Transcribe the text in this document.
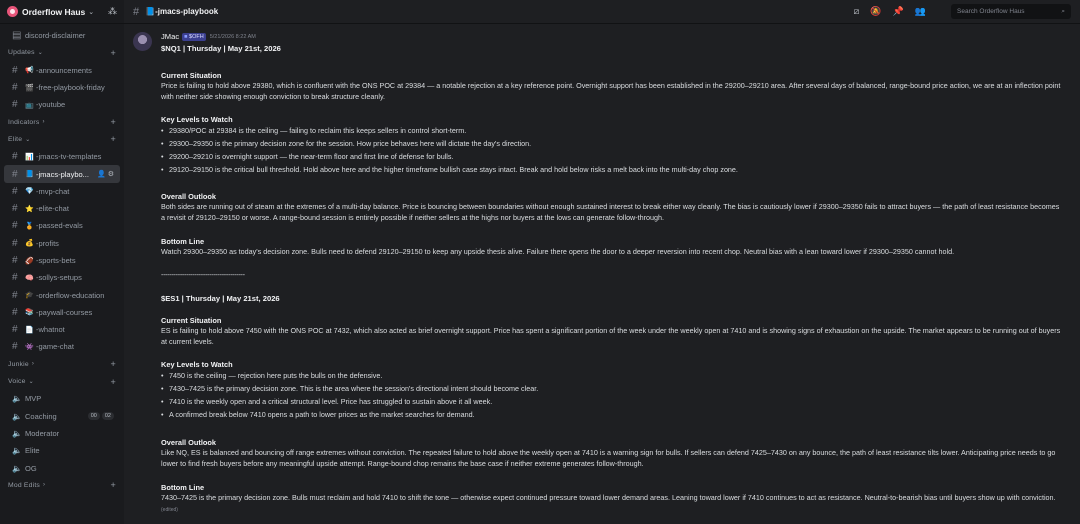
Orderflow Haus ⌄ ⁂
▤ discord-disclaimer
Updates ⌄	+
#	📢 -announcements
#	🎬 -free-playbook-friday
#	📺 -youtube
Indicators ›	+
Elite ⌄	+
#	📊 -jmacs-tv-templates
#	📘 -jmacs-playbo... 👤 ⚙
#	💎 -mvp-chat
#	⭐ -elite-chat
#	🏅 -passed-evals
#	💰 -profits
#	🏈 -sports-bets
#	🧠 -sollys-setups
#	🎓 -orderflow-education
#	📚 -paywall-courses
#	📄 -whatnot
#	👾 -game-chat
Junkie ›	+
Voice ⌄	+
🔈 MVP
🔈 Coaching	00	02
🔈 Moderator
🔈 Elite
🔈 OG
Mod Edits ›	+
# 📘-jmacs-playbook	⧄ 🔕 📌 👥	Search Orderflow Haus	⌕
JMac
■	$OFH	5/21/2026 8:22 AM
$NQ1 | Thursday | May 21st, 2026
Current Situation
Price is failing to hold above 29380, which is confluent with the ONS POC at 29384 — a notable rejection at a key reference point. Overnight support has been established in the 29200–29210 area. After several days of balanced, range-bound price action, we are at an inflection point with neither side showing enough conviction to break structure cleanly.
Key Levels to Watch
• 29380/POC at 29384 is the ceiling — failing to reclaim this keeps sellers in control short-term.
• 29300–29350 is the primary decision zone for the session. How price behaves here will dictate the day's direction.
• 29200–29210 is overnight support — the near-term floor and first line of defense for bulls.
• 29120–29150 is the critical bull threshold. Hold above here and the higher timeframe bullish case stays intact. Break and hold below risks a melt back into the multi-day chop zone.
Overall Outlook
Both sides are running out of steam at the extremes of a multi-day balance. Price is bouncing between boundaries without enough sustained interest to break either way cleanly. The bias is cautiously lower if 29300–29350 fails to attract buyers — the path of least resistance becomes a revisit of 29120–29150 or worse. A range-bound session is entirely possible if neither sellers at the highs nor buyers at the lows can generate follow-through.
Bottom Line
Watch 29300–29350 as today's decision zone. Bulls need to defend 29120–29150 to keep any upside thesis alive. Failure there opens the door to a deeper reversion into recent chop. Neutral bias with a lean toward lower if 29300–29350 cannot hold.
----------------------------------------
$ES1 | Thursday | May 21st, 2026
Current Situation
ES is failing to hold above 7450 with the ONS POC at 7432, which also acted as brief overnight support. Price has spent a significant portion of the week under the weekly open at 7410 and is showing signs of exhaustion on the upside. The market appears to be running out of buyers at current levels.
Key Levels to Watch
• 7450 is the ceiling — rejection here puts the bulls on the defensive.
• 7430–7425 is the primary decision zone. This is the area where the session's directional intent should become clear.
• 7410 is the weekly open and a critical structural level. Price has struggled to sustain above it all week.
• A confirmed break below 7410 opens a path to lower prices as the market searches for demand.
Overall Outlook
Like NQ, ES is balanced and bouncing off range extremes without conviction. The repeated failure to hold above the weekly open at 7410 is a warning sign for bulls. If sellers can defend 7425–7430 on any bounce, the path of least resistance tilts lower. Anticipating price needs to go lower to find fresh buyers before any meaningful upside attempt. Range-bound chop remains the base case if neither extreme generates follow-through.
Bottom Line
7430–7425 is the primary decision zone. Bulls must reclaim and hold 7410 to shift the tone — otherwise expect continued pressure toward lower demand areas. Leaning toward lower if 7410 continues to act as resistance. Neutral-to-bearish bias until buyers show up with conviction. (edited)
